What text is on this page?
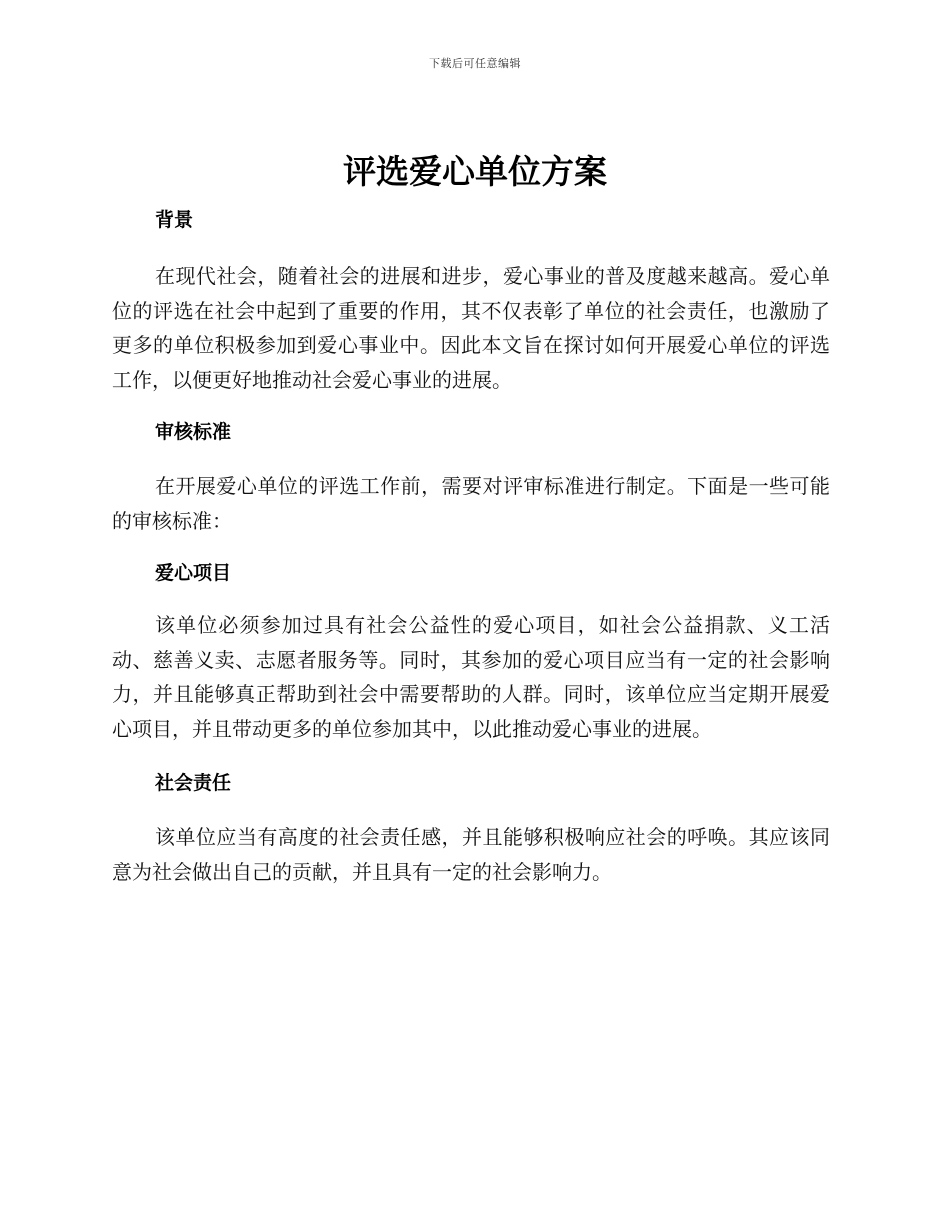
下载后可任意编辑
评选爱心单位方案
背景

在现代社会，随着社会的进展和进步，爱心事业的普及度越来越高。爱心单位的评选在社会中起到了重要的作用，其不仅表彰了单位的社会责任，也激励了更多的单位积极参加到爱心事业中。因此本文旨在探讨如何开展爱心单位的评选工作，以便更好地推动社会爱心事业的进展。

审核标准

在开展爱心单位的评选工作前，需要对评审标准进行制定。下面是一些可能的审核标准：

爱心项目

该单位必须参加过具有社会公益性的爱心项目，如社会公益捐款、义工活动、慈善义卖、志愿者服务等。同时，其参加的爱心项目应当有一定的社会影响力，并且能够真正帮助到社会中需要帮助的人群。同时，该单位应当定期开展爱心项目，并且带动更多的单位参加其中，以此推动爱心事业的进展。

社会责任

该单位应当有高度的社会责任感，并且能够积极响应社会的呼唤。其应该同意为社会做出自己的贡献，并且具有一定的社会影响力。
